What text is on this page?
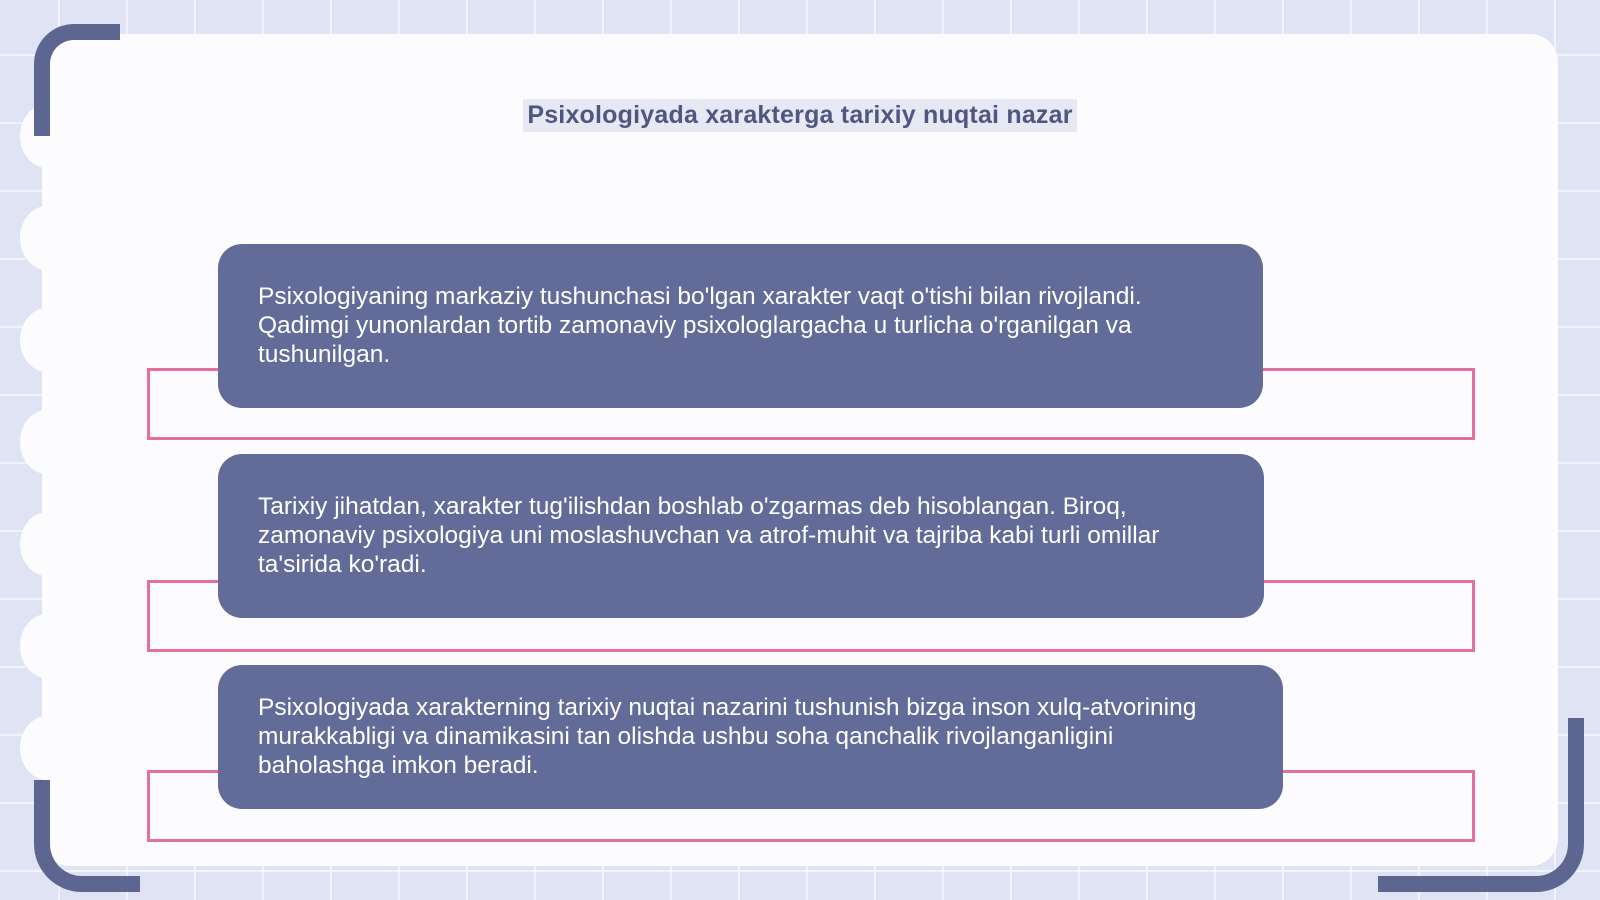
Psixologiyada xarakterga tarixiy nuqtai nazar

Psixologiyaning markaziy tushunchasi bo'lgan xarakter vaqt o'tishi bilan rivojlandi. Qadimgi yunonlardan tortib zamonaviy psixologlargacha u turlicha o'rganilgan va tushunilgan.

Tarixiy jihatdan, xarakter tug'ilishdan boshlab o'zgarmas deb hisoblangan. Biroq, zamonaviy psixologiya uni moslashuvchan va atrof-muhit va tajriba kabi turli omillar ta'sirida ko'radi.

Psixologiyada xarakterning tarixiy nuqtai nazarini tushunish bizga inson xulq-atvorining murakkabligi va dinamikasini tan olishda ushbu soha qanchalik rivojlanganligini baholashga imkon beradi.
